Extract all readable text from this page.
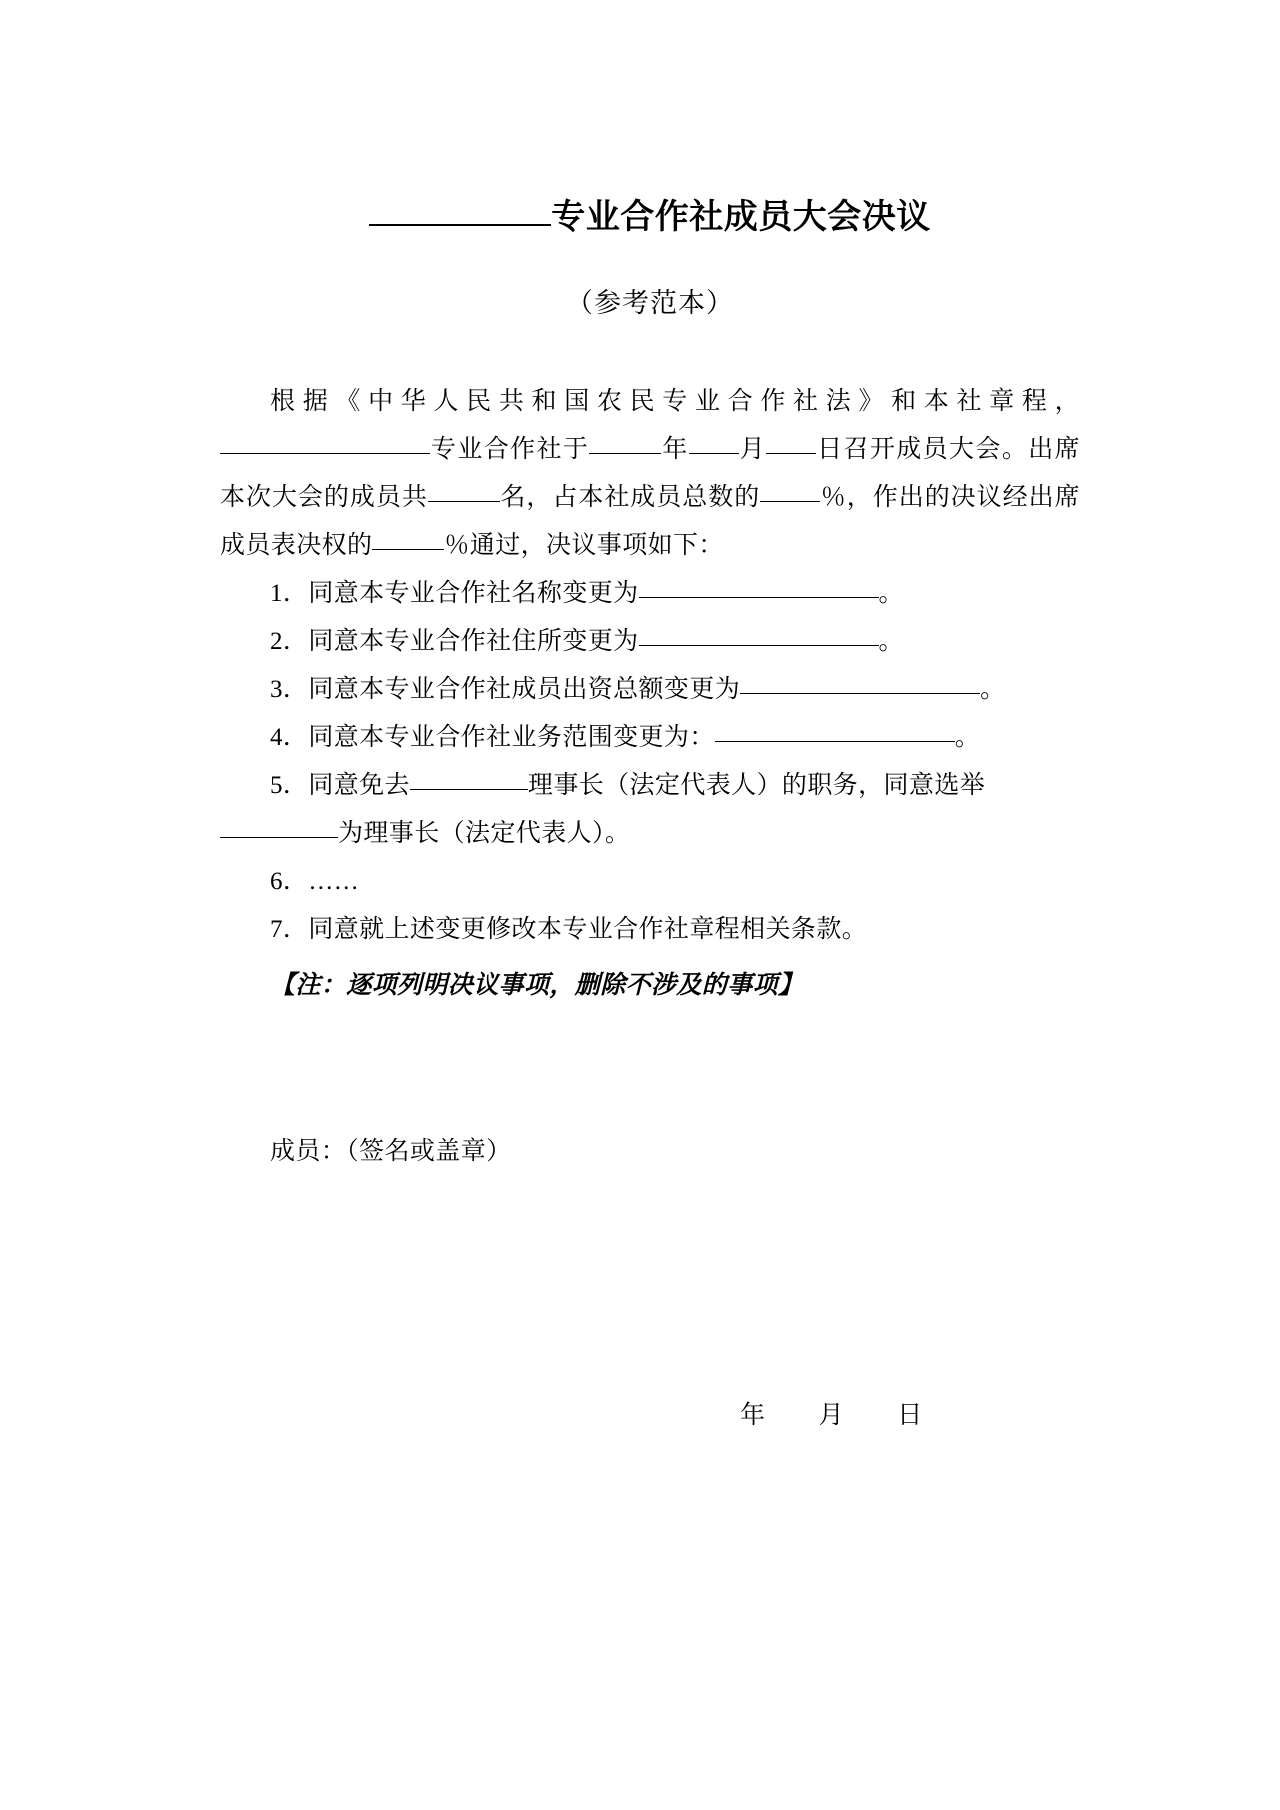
专业合作社成员大会决议
（参考范本）

根据《中华人民共和国农民专业合作社法》和本社章程，专业合作社于	年 月 日召开成员大会。出席本次大会的成员共	名，占本社成员总数的 ％，作出的决议经出席成员表决权的	％通过，决议事项如下：

1．同意本专业合作社名称变更为	。

2．同意本专业合作社住所变更为	。

3．同意本专业合作社成员出资总额变更为	。

4．同意本专业合作社业务范围变更为：	。

5．同意免去	理事长（法定代表人）的职务，同意选举为理事长（法定代表人）。

6．……

7．同意就上述变更修改本专业合作社章程相关条款。

【注：逐项列明决议事项，删除不涉及的事项】

成员：（签名或盖章）

年        月        日
